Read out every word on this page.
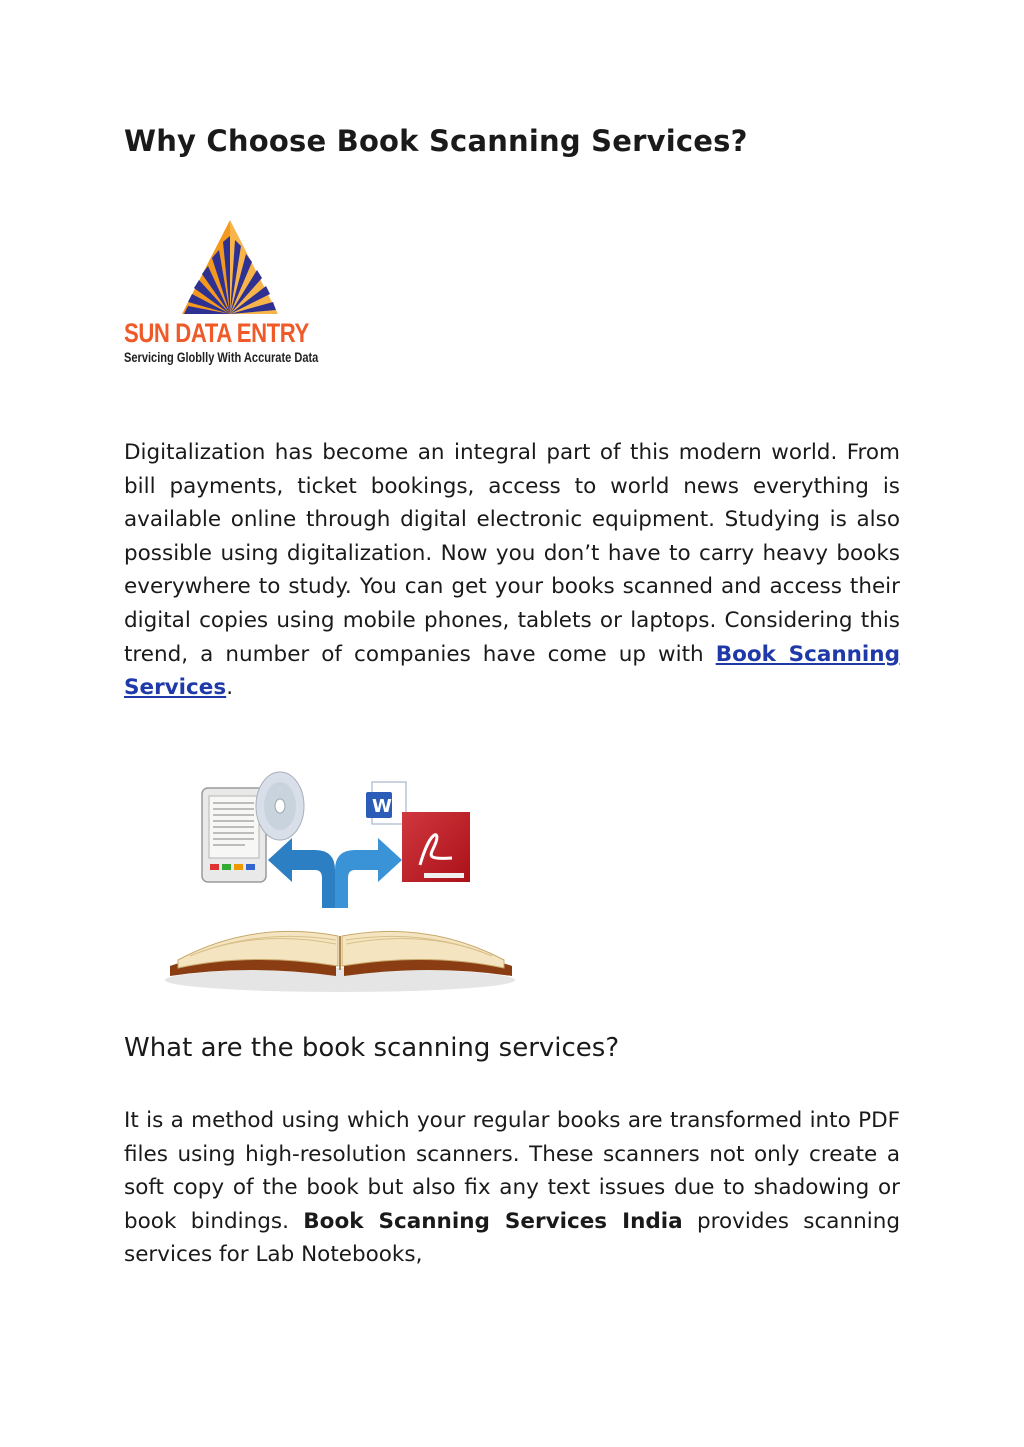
Why Choose Book Scanning Services?
SUN DATA ENTRY
Servicing Globlly With Accurate Data

Digitalization has become an integral part of this modern world. From bill payments, ticket bookings, access to world news everything is available online through digital electronic equipment. Studying is also possible using digitalization. Now you don’t have to carry heavy books everywhere to study. You can get your books scanned and access their digital copies using mobile phones, tablets or laptops. Considering this trend, a number of companies have come up with Book Scanning Services.

W
What are the book scanning services?

It is a method using which your regular books are transformed into PDF files using high-resolution scanners. These scanners not only create a soft copy of the book but also fix any text issues due to shadowing or book bindings. Book Scanning Services India provides scanning services for Lab Notebooks,
